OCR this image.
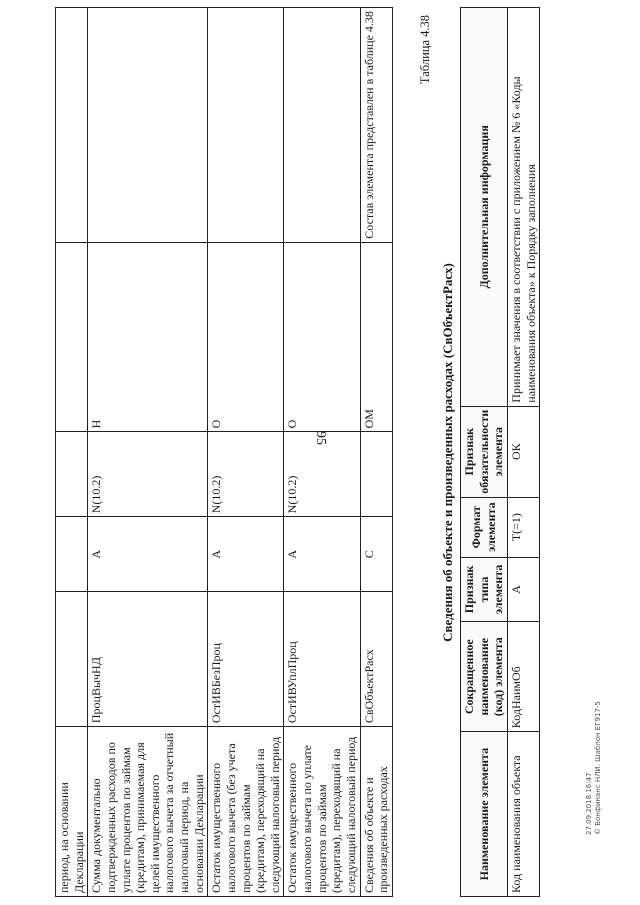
95
период, на основании Декларации					
Сумма документально подтвержденных расходов по уплате процентов по займам (кредитам), принимаемая для целей имущественного налогового вычета за отчетный налоговый период, на основании Декларации	ПроцВычНД	А	N(10.2)	Н	
Остаток имущественного налогового вычета (без учета процентов по займам (кредитам), переходящий на следующий налоговый период	ОстИВБезПроц	А	N(10.2)	О	
Остаток имущественного налогового вычета по уплате процентов по займам (кредитам), переходящий на следующий налоговый период	ОстИВУплПроц	А	N(10.2)	О	
Сведения об объекте и произведенных расходах	СвОбъектРасх	С		ОМ	Состав элемента представлен в таблице 4.38	Таблица 4.38
Сведения об объекте и произведенных расходах (СвОбъектРасх)
Наименование элемента	Сокращенное наименование (код) элемента	Признак типа элемента	Формат элемента	Признак обязательности элемента	Дополнительная информация
Код наименования объекта	КодНаимОб	А	T(=1)	ОК	Принимает значения в соответствии с приложением № 6 «Коды наименования объекта» к Порядку заполнения
27.09.2018 16:47 © Бонфинанс НЛИ. Шаблон ЕГ917-5
